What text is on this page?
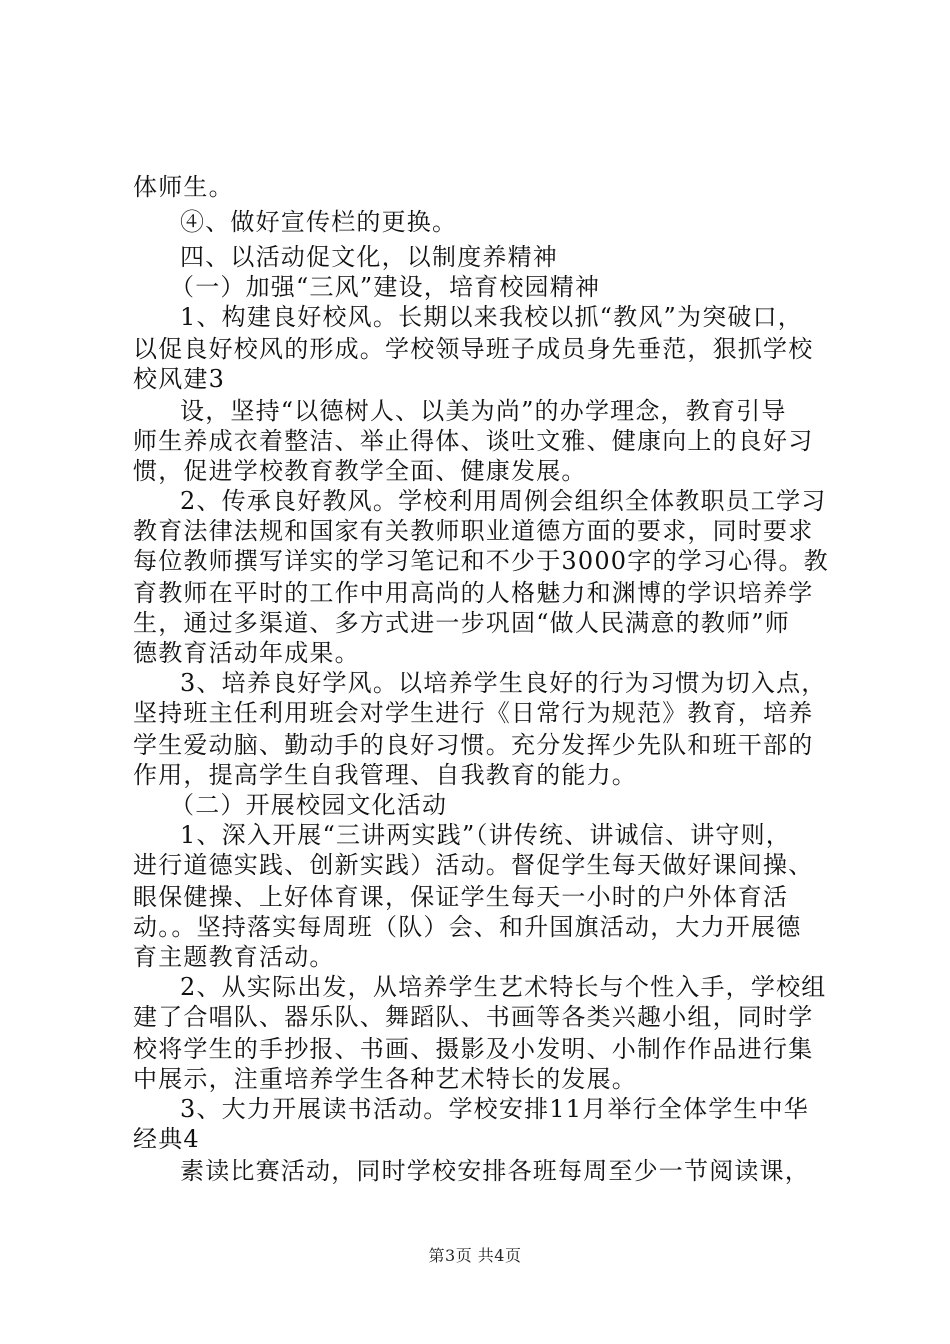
体师生。
④、做好宣传栏的更换。
四、以活动促文化，以制度养精神
（一）加强“三风”建设，培育校园精神
1、构建良好校风。长期以来我校以抓“教风”为突破口，
以促良好校风的形成。学校领导班子成员身先垂范，狠抓学校
校风建3
设，坚持“以德树人、以美为尚”的办学理念，教育引导
师生养成衣着整洁、举止得体、谈吐文雅、健康向上的良好习
惯，促进学校教育教学全面、健康发展。
2、传承良好教风。学校利用周例会组织全体教职员工学习
教育法律法规和国家有关教师职业道德方面的要求，同时要求
每位教师撰写详实的学习笔记和不少于3000字的学习心得。教
育教师在平时的工作中用高尚的人格魅力和渊博的学识培养学
生，通过多渠道、多方式进一步巩固“做人民满意的教师”师
德教育活动年成果。
3、培养良好学风。以培养学生良好的行为习惯为切入点，
坚持班主任利用班会对学生进行《日常行为规范》教育，培养
学生爱动脑、勤动手的良好习惯。充分发挥少先队和班干部的
作用，提高学生自我管理、自我教育的能力。
（二）开展校园文化活动
1、深入开展“三讲两实践”（讲传统、讲诚信、讲守则，
进行道德实践、创新实践）活动。督促学生每天做好课间操、
眼保健操、上好体育课，保证学生每天一小时的户外体育活
动。。坚持落实每周班（队）会、和升国旗活动，大力开展德
育主题教育活动。
2、从实际出发，从培养学生艺术特长与个性入手，学校组
建了合唱队、器乐队、舞蹈队、书画等各类兴趣小组，同时学
校将学生的手抄报、书画、摄影及小发明、小制作作品进行集
中展示，注重培养学生各种艺术特长的发展。
3、大力开展读书活动。学校安排11月举行全体学生中华
经典4
素读比赛活动，同时学校安排各班每周至少一节阅读课，
第3页 共4页
